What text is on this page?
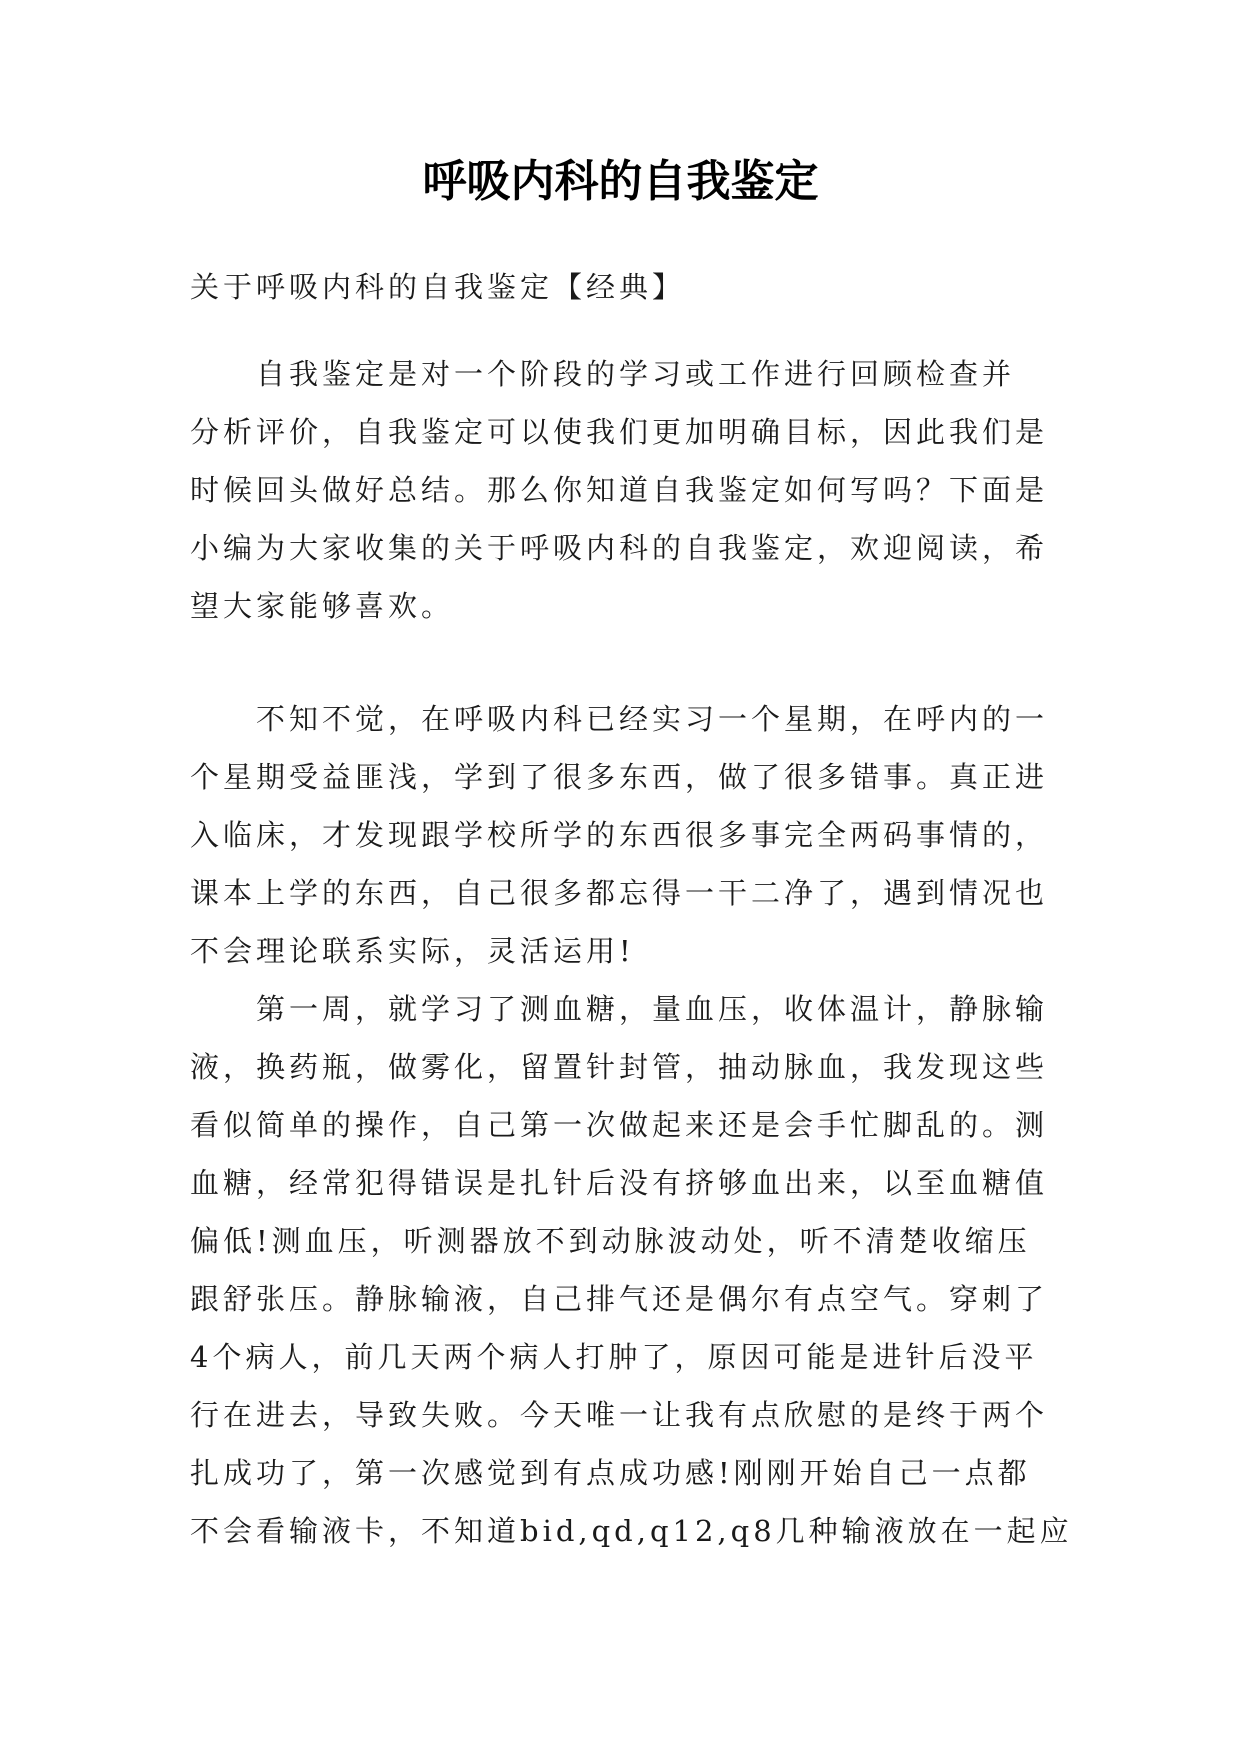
呼吸内科的自我鉴定
关于呼吸内科的自我鉴定【经典】
　　自我鉴定是对一个阶段的学习或工作进行回顾检查并
分析评价，自我鉴定可以使我们更加明确目标，因此我们是
时候回头做好总结。那么你知道自我鉴定如何写吗？下面是
小编为大家收集的关于呼吸内科的自我鉴定，欢迎阅读，希
望大家能够喜欢。
　　不知不觉，在呼吸内科已经实习一个星期，在呼内的一
个星期受益匪浅，学到了很多东西，做了很多错事。真正进
入临床，才发现跟学校所学的东西很多事完全两码事情的，
课本上学的东西，自己很多都忘得一干二净了，遇到情况也
不会理论联系实际，灵活运用!
　　第一周，就学习了测血糖，量血压，收体温计，静脉输
液，换药瓶，做雾化，留置针封管，抽动脉血，我发现这些
看似简单的操作，自己第一次做起来还是会手忙脚乱的。测
血糖，经常犯得错误是扎针后没有挤够血出来，以至血糖值
偏低!测血压，听测器放不到动脉波动处，听不清楚收缩压
跟舒张压。静脉输液，自己排气还是偶尔有点空气。穿刺了
4个病人，前几天两个病人打肿了，原因可能是进针后没平
行在进去，导致失败。今天唯一让我有点欣慰的是终于两个
扎成功了，第一次感觉到有点成功感!刚刚开始自己一点都
不会看输液卡，不知道bid,qd,q12,q8几种输液放在一起应
